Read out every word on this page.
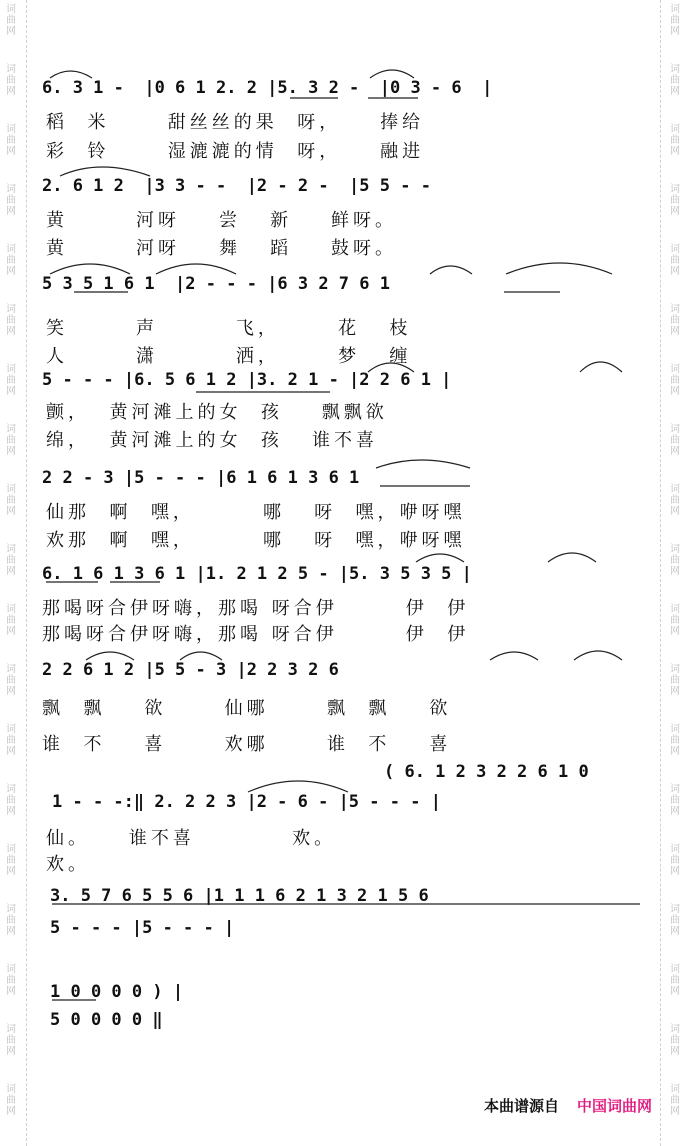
词
曲
网
词
曲
网
词
曲
网
词
曲
网
词
曲
网
词
曲
网
词
曲
网
词
曲
网
词
曲
网
词
曲
网
词
曲
网
词
曲
网
词
曲
网
词
曲
网
词
曲
网
词
曲
网
词
曲
网
词
曲
网
词
曲
网
词
曲
网
词
曲
网
词
曲
网
词
曲
网
词
曲
网
词
曲
网
词
曲
网
词
曲
网
词
曲
网
词
曲
网
词
曲
网
词
曲
网
词
曲
网
词
曲
网
词
曲
网
词
曲
网
词
曲
网
词
曲
网
词
曲
网
6. 3 1 -  |0 6 1 2. 2 |5. 3 2 -  |0 3 - 6  |
稻  米      甜丝丝的果  呀，    捧给
彩  铃      湿漉漉的情  呀，    融进
2. 6 1 2  |3 3 - -  |2 - 2 -  |5 5 - -
黄       河呀    尝   新    鲜呀。
黄       河呀    舞   蹈    鼓呀。
5 3 5 1 6 1  |2 - - - |6 3 2 7 6 1
笑       声        飞，      花   枝
人       潇        洒，      梦   缠
5 - - - |6. 5 6 1 2 |3. 2 1 - |2 2 6 1 |
颤，  黄河滩上的女  孩    飘飘欲
绵，  黄河滩上的女  孩   谁不喜
2 2 - 3 |5 - - - |6 1 6 1 3 6 1
仙那  啊  嘿，       哪   呀  嘿，咿呀嘿
欢那  啊  嘿，       哪   呀  嘿，咿呀嘿
6. 1 6 1 3 6 1 |1. 2 1 2 5 - |5. 3 5 3 5 |
那喝呀合伊呀嗨，那喝 呀合伊       伊  伊
那喝呀合伊呀嗨，那喝 呀合伊       伊  伊
2 2 6 1 2 |5 5 - 3 |2 2 3 2 6
飘  飘    欲      仙哪      飘  飘    欲
谁  不    喜      欢哪      谁  不    喜
( 6. 1 2 3 2 2 6 1 0
1 - - -:‖ 2. 2 2 3 |2 - 6 - |5 - - - |
仙。    谁不喜          欢。
欢。
3. 5 7 6 5 5 6 |1 1 1 6 2 1 3 2 1 5 6
5 - - - |5 - - - |
1 0 0 0 0 ) |
5 0 0 0 0 ‖
本曲谱源自 中国词曲网
